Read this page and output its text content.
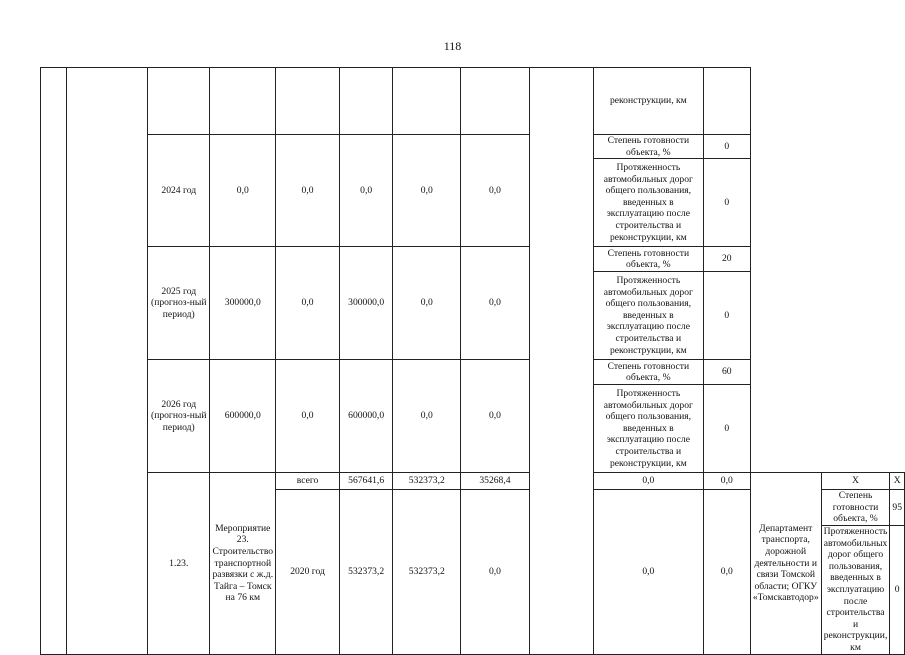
118
									реконструкции, км				
		2024 год	0,0	0,0	0,0	0,0	0,0		Степень готовности объекта, %	0			
									Протяженность автомобильных дорог общего пользования, введенных в эксплуатацию после строительства и реконструкции, км	0			
		2025 год (прогноз-ный период)	300000,0	0,0	300000,0	0,0	0,0		Степень готовности объекта, %	20			
									Протяженность автомобильных дорог общего пользования, введенных в эксплуатацию после строительства и реконструкции, км	0			
		2026 год (прогноз-ный период)	600000,0	0,0	600000,0	0,0	0,0		Степень готовности объекта, %	60			
									Протяженность автомобильных дорог общего пользования, введенных в эксплуатацию после строительства и реконструкции, км	0			
		1.23.	Мероприятие 23. Строительство транспортной развязки с ж.д. Тайга – Томск на 76 км	всего	567641,6	532373,2	35268,4		0,0	0,0	Департамент транспорта, дорожной деятельности и связи Томской области; ОГКУ «Томскавтодор»	Х	Х
				2020 год	532373,2	532373,2	0,0		0,0	0,0		Степень готовности объекта, %	95
												Протяженность автомобильных дорог общего пользования, введенных в эксплуатацию после строительства и реконструкции, км	0
